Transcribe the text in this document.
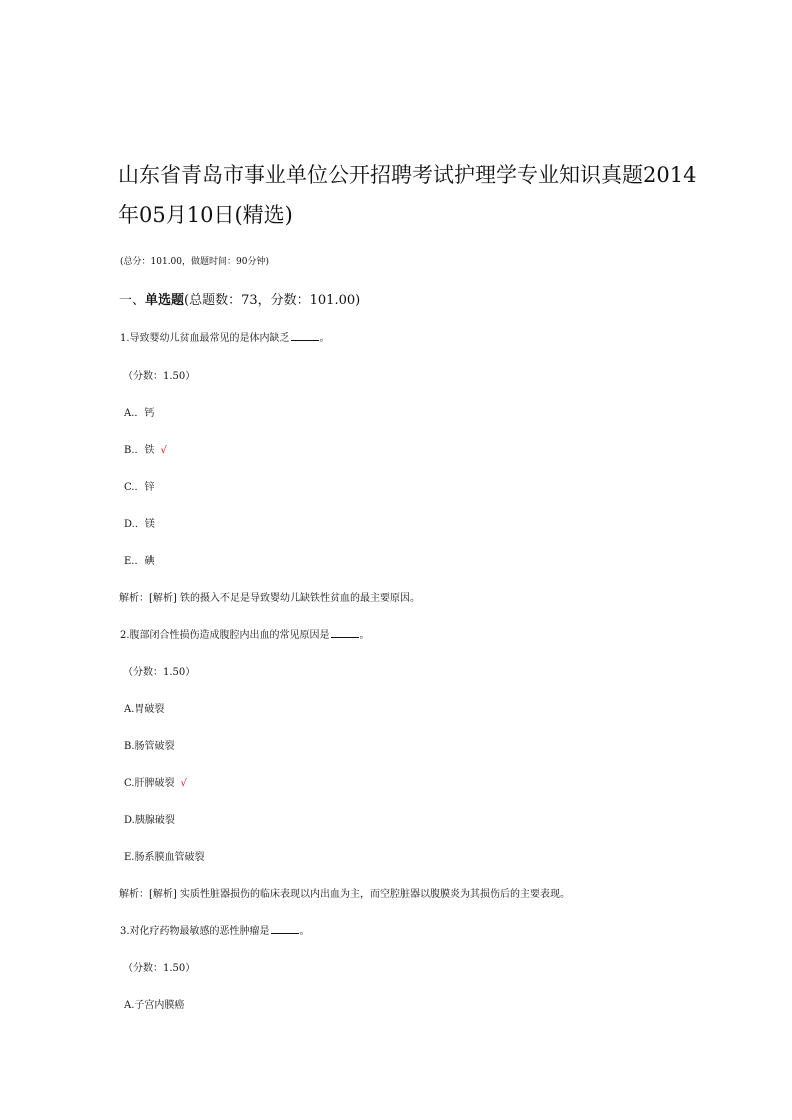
山东省青岛市事业单位公开招聘考试护理学专业知识真题2014
年05月10日(精选)
(总分：101.00，做题时间：90分钟)
一、单选题(总题数：73，分数：101.00)
1.导致婴幼儿贫血最常见的是体内缺乏	。
（分数：1.50）
A.．钙
B.．铁 √
C.．锌
D.．镁
E.．碘
解析：[解析] 铁的摄入不足是导致婴幼儿缺铁性贫血的最主要原因。
2.腹部闭合性损伤造成腹腔内出血的常见原因是	。
（分数：1.50）
A.胃破裂
B.肠管破裂
C.肝脾破裂 √
D.胰腺破裂
E.肠系膜血管破裂
解析：[解析] 实质性脏器损伤的临床表现以内出血为主，而空腔脏器以腹膜炎为其损伤后的主要表现。
3.对化疗药物最敏感的恶性肿瘤是	。
（分数：1.50）
A.子宫内膜癌
